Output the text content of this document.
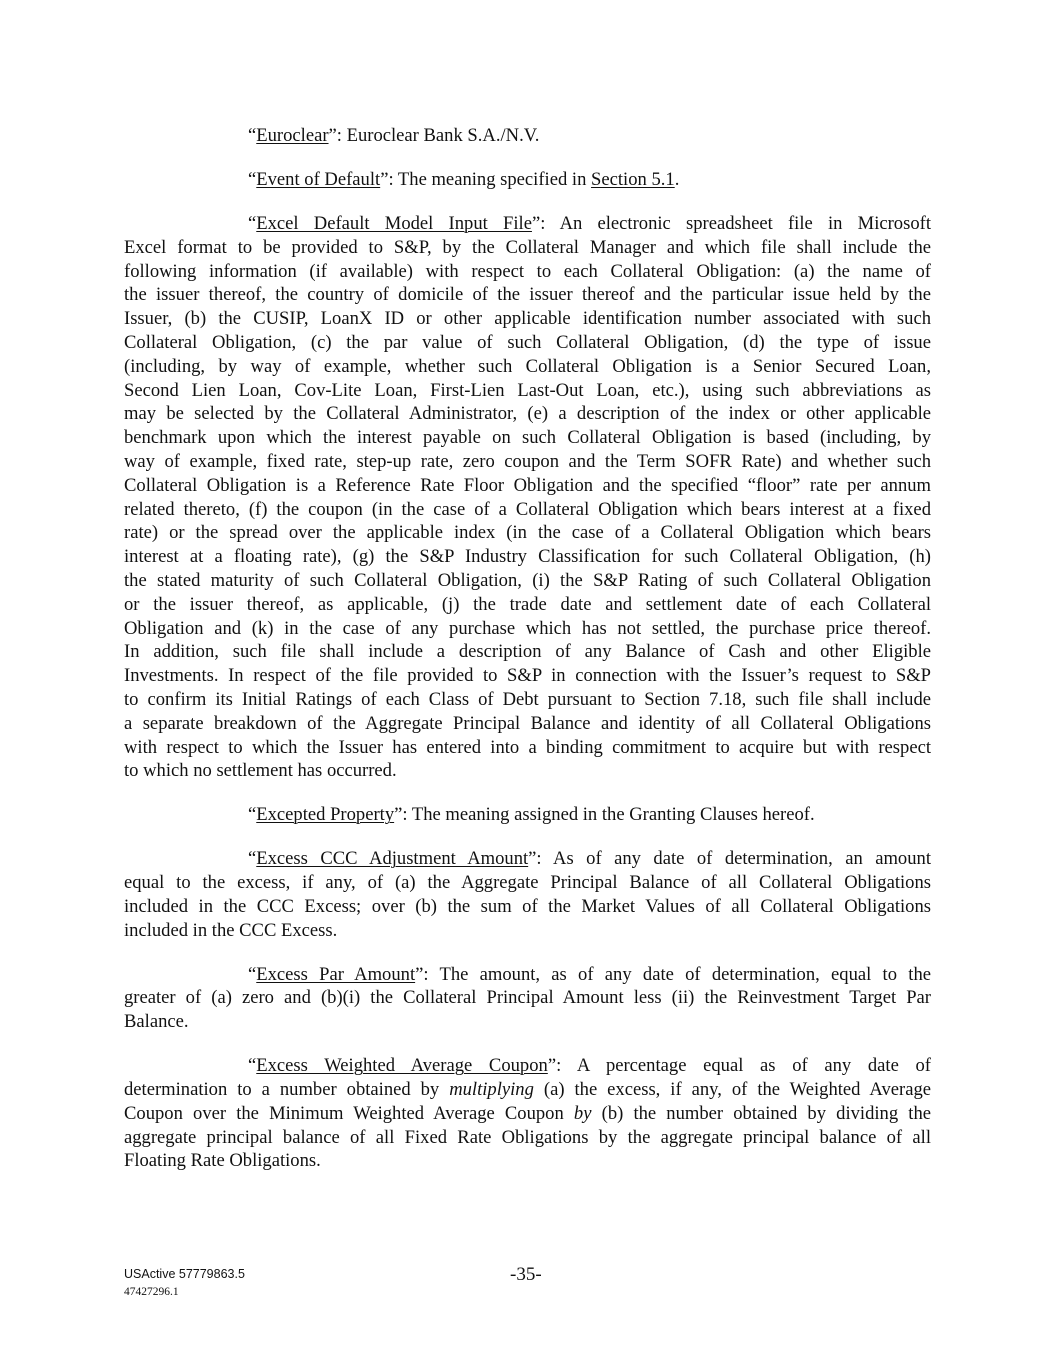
“Euroclear”: Euroclear Bank S.A./N.V.
“Event of Default”: The meaning specified in Section 5.1.
“Excel Default Model Input File”: An electronic spreadsheet file in Microsoft
Excel format to be provided to S&P, by the Collateral Manager and which file shall include the
following information (if available) with respect to each Collateral Obligation: (a) the name of
the issuer thereof, the country of domicile of the issuer thereof and the particular issue held by the
Issuer, (b) the CUSIP, LoanX ID or other applicable identification number associated with such
Collateral Obligation, (c) the par value of such Collateral Obligation, (d) the type of issue
(including, by way of example, whether such Collateral Obligation is a Senior Secured Loan,
Second Lien Loan, Cov-Lite Loan, First-Lien Last-Out Loan, etc.), using such abbreviations as
may be selected by the Collateral Administrator, (e) a description of the index or other applicable
benchmark upon which the interest payable on such Collateral Obligation is based (including, by
way of example, fixed rate, step-up rate, zero coupon and the Term SOFR Rate) and whether such
Collateral Obligation is a Reference Rate Floor Obligation and the specified “floor” rate per annum
related thereto, (f) the coupon (in the case of a Collateral Obligation which bears interest at a fixed
rate) or the spread over the applicable index (in the case of a Collateral Obligation which bears
interest at a floating rate), (g) the S&P Industry Classification for such Collateral Obligation, (h)
the stated maturity of such Collateral Obligation, (i) the S&P Rating of such Collateral Obligation
or the issuer thereof, as applicable, (j) the trade date and settlement date of each Collateral
Obligation and (k) in the case of any purchase which has not settled, the purchase price thereof.
In addition, such file shall include a description of any Balance of Cash and other Eligible
Investments. In respect of the file provided to S&P in connection with the Issuer’s request to S&P
to confirm its Initial Ratings of each Class of Debt pursuant to Section 7.18, such file shall include
a separate breakdown of the Aggregate Principal Balance and identity of all Collateral Obligations
with respect to which the Issuer has entered into a binding commitment to acquire but with respect
to which no settlement has occurred.
“Excepted Property”: The meaning assigned in the Granting Clauses hereof.
“Excess CCC Adjustment Amount”: As of any date of determination, an amount
equal to the excess, if any, of (a) the Aggregate Principal Balance of all Collateral Obligations
included in the CCC Excess; over (b) the sum of the Market Values of all Collateral Obligations
included in the CCC Excess.
“Excess Par Amount”: The amount, as of any date of determination, equal to the
greater of (a) zero and (b)(i) the Collateral Principal Amount less (ii) the Reinvestment Target Par
Balance.
“Excess Weighted Average Coupon”: A percentage equal as of any date of
determination to a number obtained by multiplying (a) the excess, if any, of the Weighted Average
Coupon over the Minimum Weighted Average Coupon by (b) the number obtained by dividing the
aggregate principal balance of all Fixed Rate Obligations by the aggregate principal balance of all
Floating Rate Obligations.
USActive 57779863.5
47427296.1
-35-
